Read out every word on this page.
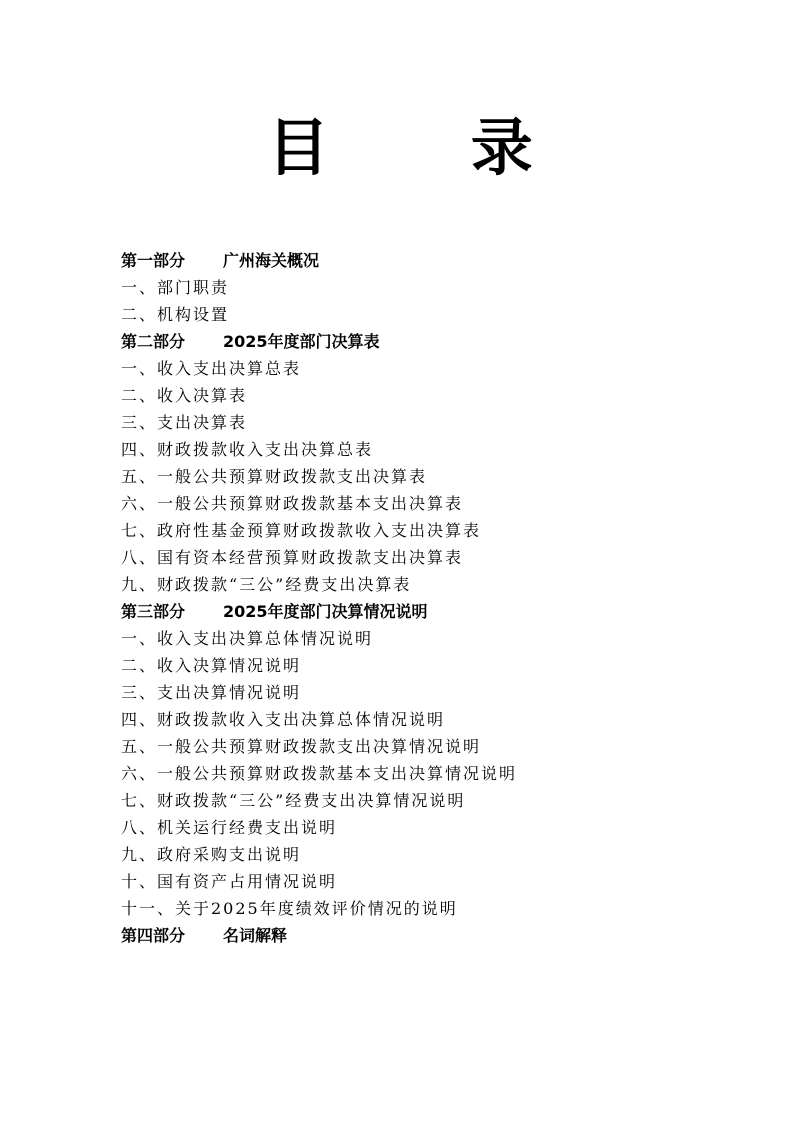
目 录
第一部分 广州海关概况
一、部门职责
二、机构设置
第二部分 2025年度部门决算表
一、收入支出决算总表
二、收入决算表
三、支出决算表
四、财政拨款收入支出决算总表
五、一般公共预算财政拨款支出决算表
六、一般公共预算财政拨款基本支出决算表
七、政府性基金预算财政拨款收入支出决算表
八、国有资本经营预算财政拨款支出决算表
九、财政拨款“三公”经费支出决算表
第三部分 2025年度部门决算情况说明
一、收入支出决算总体情况说明
二、收入决算情况说明
三、支出决算情况说明
四、财政拨款收入支出决算总体情况说明
五、一般公共预算财政拨款支出决算情况说明
六、一般公共预算财政拨款基本支出决算情况说明
七、财政拨款“三公”经费支出决算情况说明
八、机关运行经费支出说明
九、政府采购支出说明
十、国有资产占用情况说明
十一、关于2025年度绩效评价情况的说明
第四部分 名词解释
